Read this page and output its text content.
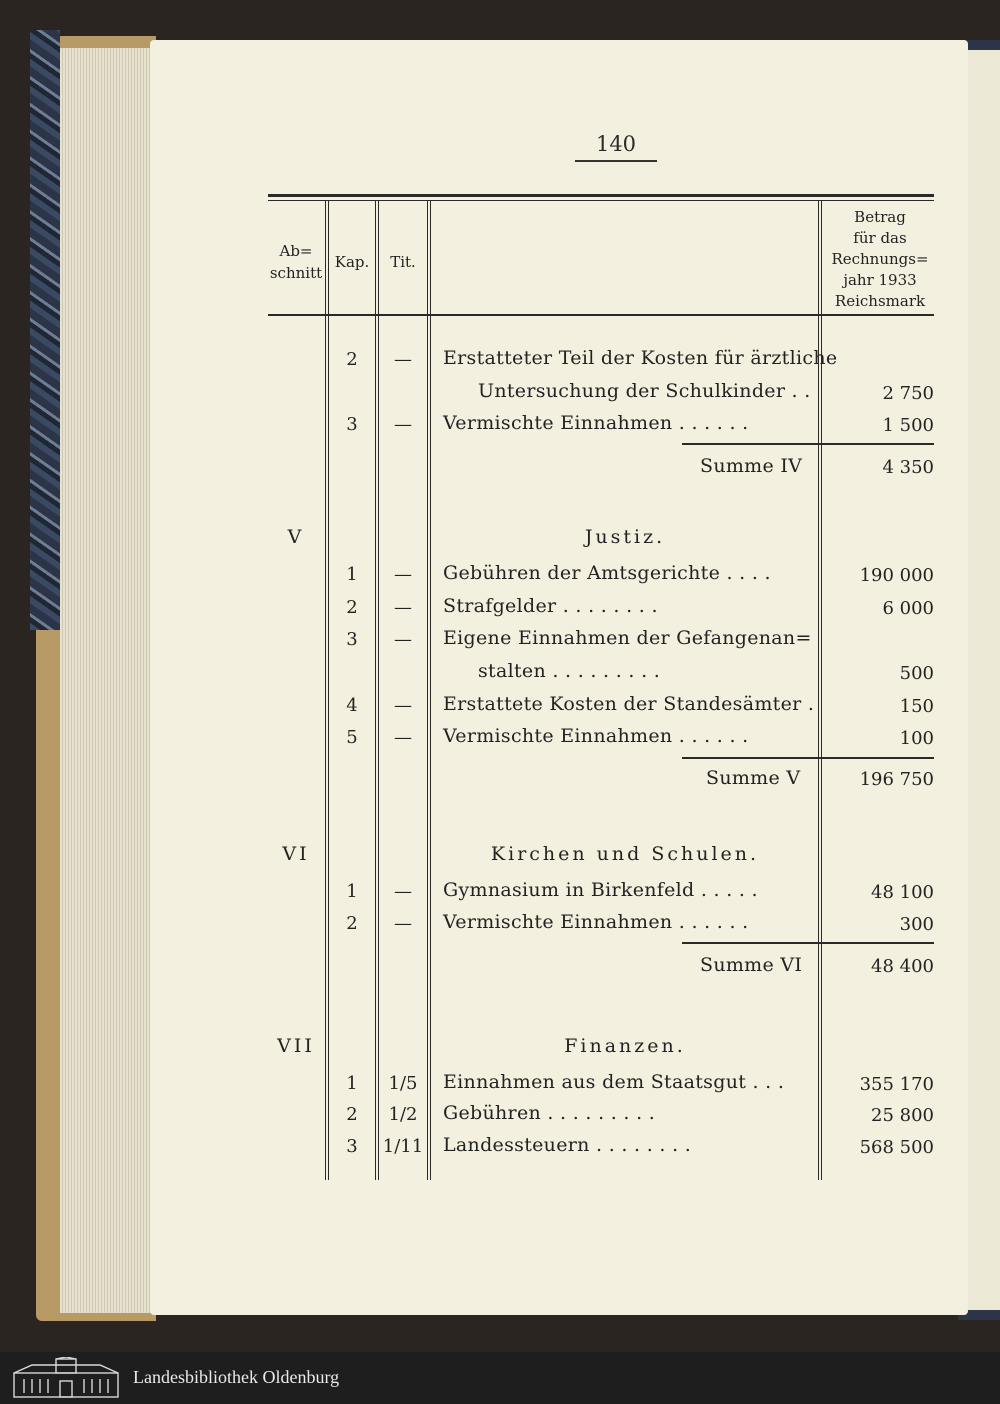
140
Ab=
schnitt
Kap.	Tit.
Betrag
für das
Rechnungs=
jahr 1933
Reichsmark
2	—	Erstatteter Teil der Kosten für ärztliche
Untersuchung der Schulkinder . .	2 750
3	—	Vermischte Einnahmen . . . . . .	1 500
Summe IV	4 350
V	Justiz.
1	—	Gebühren der Amtsgerichte . . . .	190 000
2	—	Strafgelder . . . . . . . .	6 000
3	—	Eigene Einnahmen der Gefangenan=
stalten . . . . . . . . .	500
4	—	Erstattete Kosten der Standesämter .	150
5	—	Vermischte Einnahmen . . . . . .	100
Summe V	196 750
VI	Kirchen und Schulen.
1	—	Gymnasium in Birkenfeld . . . . .	48 100
2	—	Vermischte Einnahmen . . . . . .	300
Summe VI	48 400
VII	Finanzen.
1	1/5	Einnahmen aus dem Staatsgut . . .	355 170
2	1/2	Gebühren . . . . . . . . .	25 800
3	1/11 Landessteuern . . . . . . . .	568 500
Landesbibliothek Oldenburg
